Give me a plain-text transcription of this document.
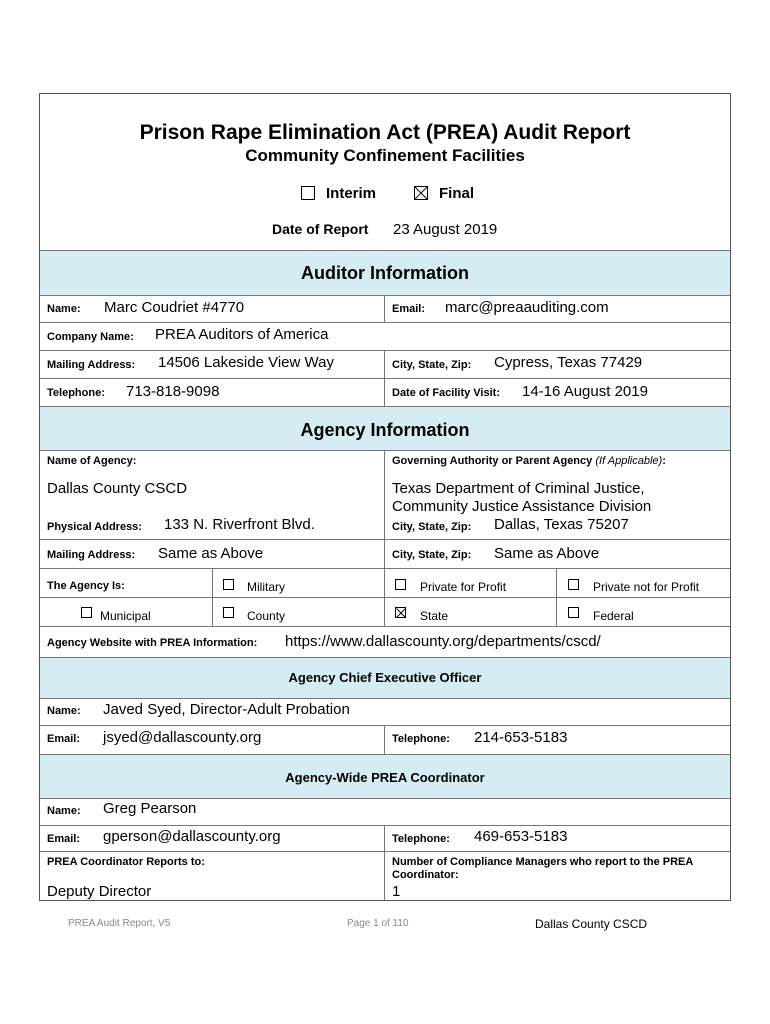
Prison Rape Elimination Act (PREA) Audit Report
Community Confinement Facilities
Interim	Final
Date of Report 23 August 2019
Auditor Information
Name: Marc Coudriet #4770	Email: marc@preaauditing.com
Company Name: PREA Auditors of America
Mailing Address: 14506 Lakeside View Way	City, State, Zip: Cypress, Texas 77429
Telephone: 713-818-9098	Date of Facility Visit: 14-16 August 2019
Agency Information
Name of Agency:
Dallas County CSCD
Governing Authority or Parent Agency (If Applicable):
Texas Department of Criminal Justice,
Community Justice Assistance Division
Physical Address: 133 N. Riverfront Blvd.	City, State, Zip: Dallas, Texas 75207
Mailing Address: Same as Above	City, State, Zip: Same as Above
The Agency Is:	Military	Private for Profit	Private not for Profit
Municipal	County	State	Federal
Agency Website with PREA Information: https://www.dallascounty.org/departments/cscd/
Agency Chief Executive Officer
Name: Javed Syed, Director-Adult Probation
Email: jsyed@dallascounty.org	Telephone: 214-653-5183
Agency-Wide PREA Coordinator
Name: Greg Pearson
Email: gperson@dallascounty.org	Telephone: 469-653-5183
PREA Coordinator Reports to:
Deputy Director
Number of Compliance Managers who report to the PREA
Coordinator:
1
PREA Audit Report, V5	Page 1 of 110	Dallas County CSCD
